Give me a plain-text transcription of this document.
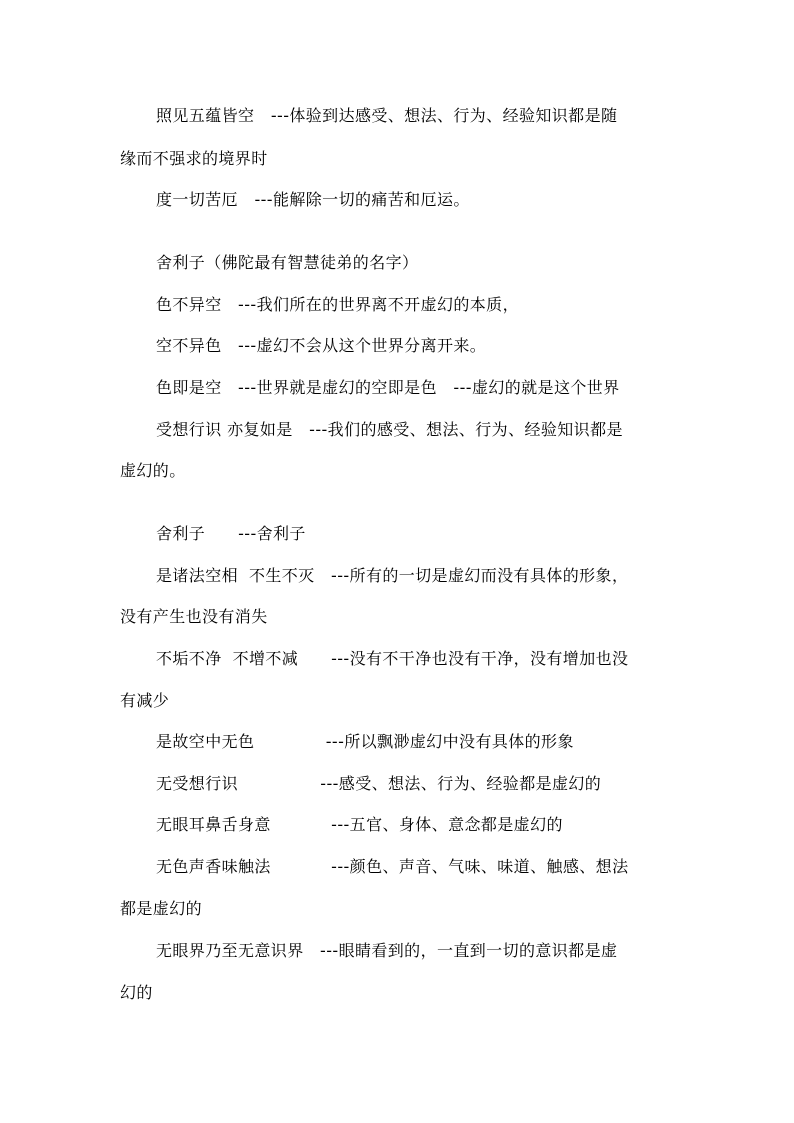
照见五蕴皆空   ---体验到达感受、想法、行为、经验知识都是随
缘而不强求的境界时
度一切苦厄   ---能解除一切的痛苦和厄运。
舍利子（佛陀最有智慧徒弟的名字）
色不异空   ---我们所在的世界离不开虚幻的本质，
空不异色   ---虚幻不会从这个世界分离开来。
色即是空   ---世界就是虚幻的空即是色   ---虚幻的就是这个世界
受想行识 亦复如是   ---我们的感受、想法、行为、经验知识都是
虚幻的。
舍利子      ---舍利子
是诸法空相  不生不灭   ---所有的一切是虚幻而没有具体的形象，
没有产生也没有消失
不垢不净  不增不减      ---没有不干净也没有干净，没有增加也没
有减少
是故空中无色             ---所以飘渺虚幻中没有具体的形象
无受想行识               ---感受、想法、行为、经验都是虚幻的
无眼耳鼻舌身意           ---五官、身体、意念都是虚幻的
无色声香味触法           ---颜色、声音、气味、味道、触感、想法
都是虚幻的
无眼界乃至无意识界   ---眼睛看到的，一直到一切的意识都是虚
幻的
